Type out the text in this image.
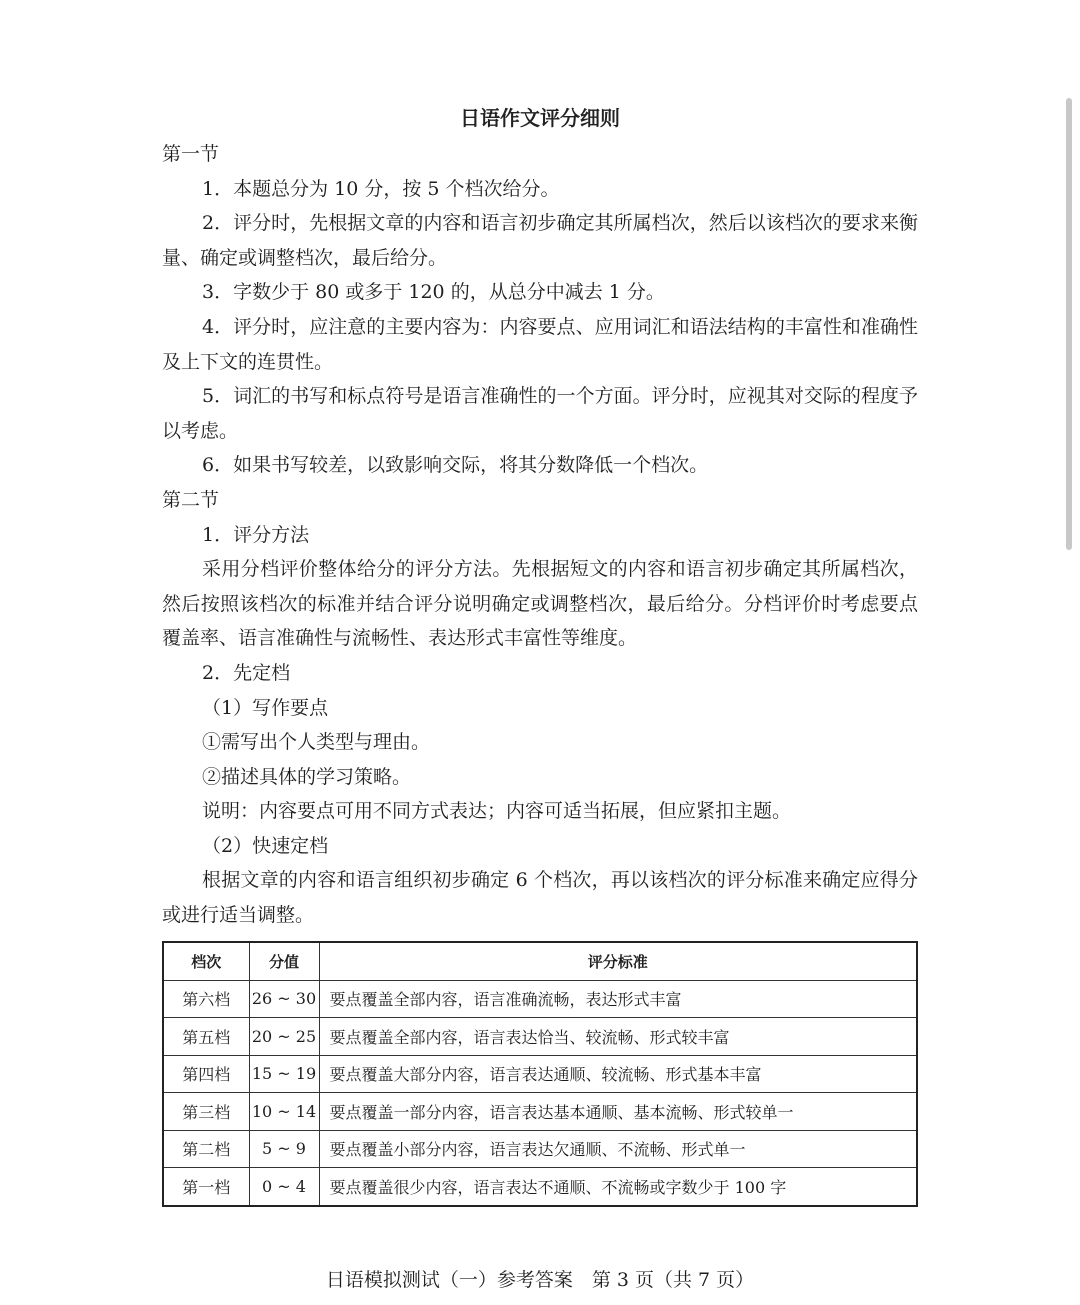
日语作文评分细则

第一节

1．本题总分为 10 分，按 5 个档次给分。

2．评分时，先根据文章的内容和语言初步确定其所属档次，然后以该档次的要求来衡量、确定或调整档次，最后给分。

3．字数少于 80 或多于 120 的，从总分中减去 1 分。

4．评分时，应注意的主要内容为：内容要点、应用词汇和语法结构的丰富性和准确性及上下文的连贯性。

5．词汇的书写和标点符号是语言准确性的一个方面。评分时，应视其对交际的程度予以考虑。

6．如果书写较差，以致影响交际，将其分数降低一个档次。

第二节

1．评分方法

采用分档评价整体给分的评分方法。先根据短文的内容和语言初步确定其所属档次，然后按照该档次的标准并结合评分说明确定或调整档次，最后给分。分档评价时考虑要点覆盖率、语言准确性与流畅性、表达形式丰富性等维度。

2．先定档

（1）写作要点

①需写出个人类型与理由。

②描述具体的学习策略。

说明：内容要点可用不同方式表达；内容可适当拓展，但应紧扣主题。

（2）快速定档

根据文章的内容和语言组织初步确定 6 个档次，再以该档次的评分标准来确定应得分或进行适当调整。

档次	分值	评分标准
第六档	26 ~ 30	要点覆盖全部内容，语言准确流畅，表达形式丰富
第五档	20 ~ 25	要点覆盖全部内容，语言表达恰当、较流畅、形式较丰富
第四档	15 ~ 19	要点覆盖大部分内容，语言表达通顺、较流畅、形式基本丰富
第三档	10 ~ 14	要点覆盖一部分内容，语言表达基本通顺、基本流畅、形式较单一
第二档	5 ~ 9	要点覆盖小部分内容，语言表达欠通顺、不流畅、形式单一
第一档	0 ~ 4	要点覆盖很少内容，语言表达不通顺、不流畅或字数少于 100 字
日语模拟测试（一）参考答案　第 3 页（共 7 页）
